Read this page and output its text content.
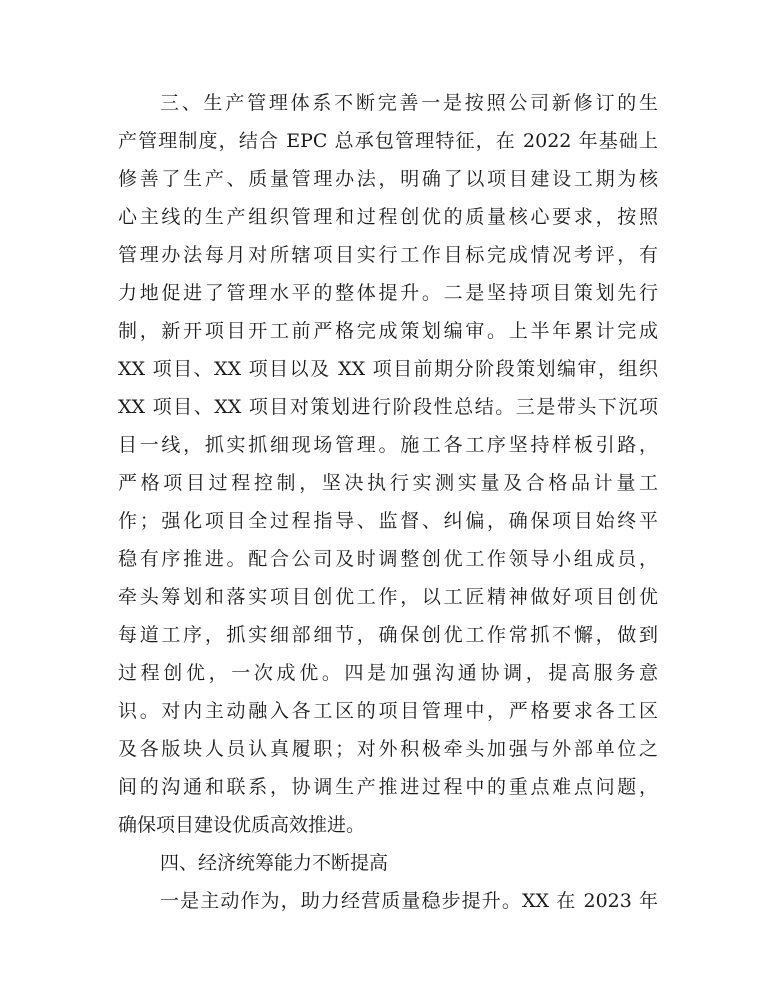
三、生产管理体系不断完善一是按照公司新修订的生
产管理制度，结合 EPC 总承包管理特征，在 2022 年基础上
修善了生产、质量管理办法，明确了以项目建设工期为核
心主线的生产组织管理和过程创优的质量核心要求，按照
管理办法每月对所辖项目实行工作目标完成情况考评，有
力地促进了管理水平的整体提升。二是坚持项目策划先行
制，新开项目开工前严格完成策划编审。上半年累计完成
XX 项目、XX 项目以及 XX 项目前期分阶段策划编审，组织
XX 项目、XX 项目对策划进行阶段性总结。三是带头下沉项
目一线，抓实抓细现场管理。施工各工序坚持样板引路，
严格项目过程控制，坚决执行实测实量及合格品计量工
作；强化项目全过程指导、监督、纠偏，确保项目始终平
稳有序推进。配合公司及时调整创优工作领导小组成员，
牵头筹划和落实项目创优工作，以工匠精神做好项目创优
每道工序，抓实细部细节，确保创优工作常抓不懈，做到
过程创优，一次成优。四是加强沟通协调，提高服务意
识。对内主动融入各工区的项目管理中，严格要求各工区
及各版块人员认真履职；对外积极牵头加强与外部单位之
间的沟通和联系，协调生产推进过程中的重点难点问题，
确保项目建设优质高效推进。
四、经济统筹能力不断提高
一是主动作为，助力经营质量稳步提升。XX 在 2023 年
